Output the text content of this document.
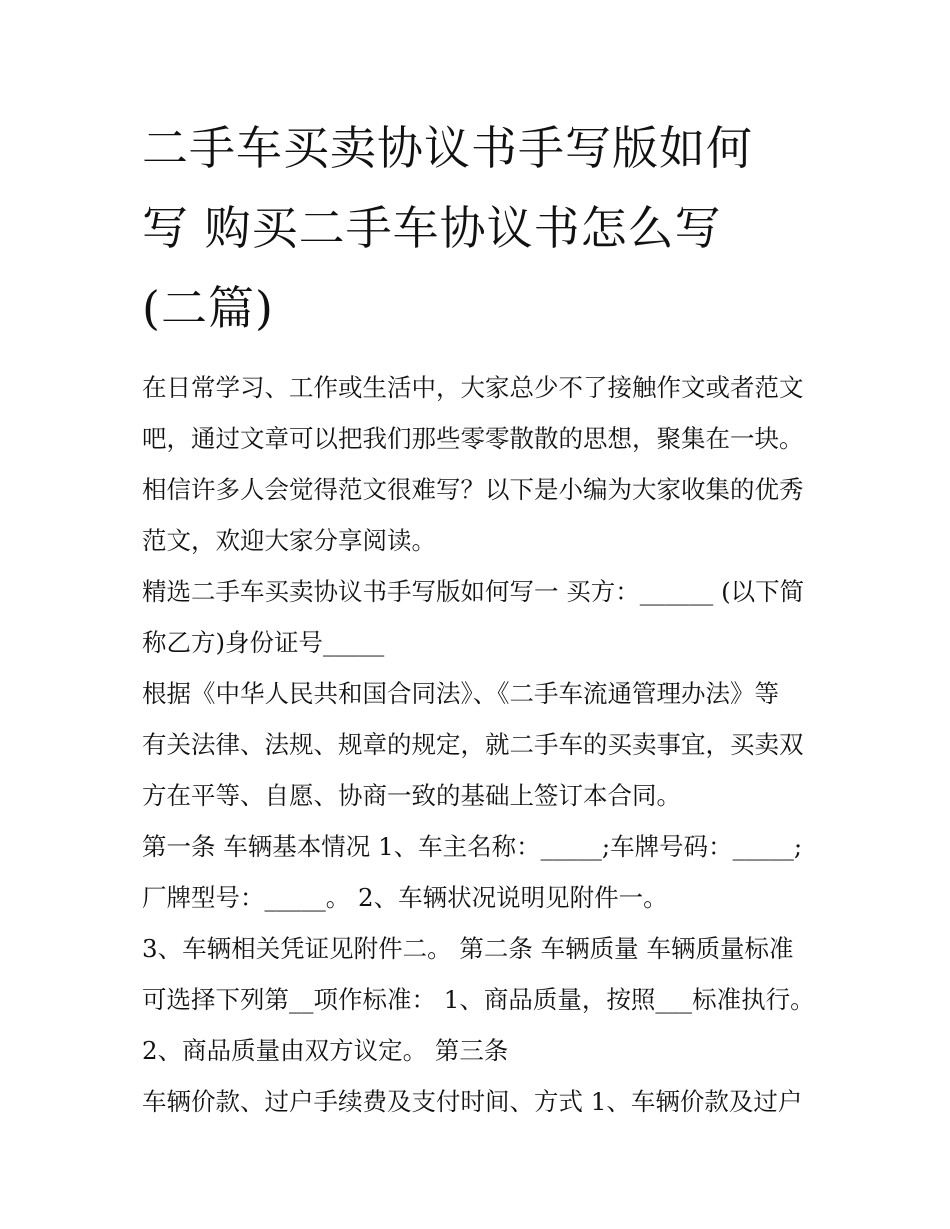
二手车买卖协议书手写版如何
写 购买二手车协议书怎么写
(二篇)

在日常学习、工作或生活中，大家总少不了接触作文或者范文

吧，通过文章可以把我们那些零零散散的思想，聚集在一块。

相信许多人会觉得范文很难写？以下是小编为大家收集的优秀

范文，欢迎大家分享阅读。

精选二手车买卖协议书手写版如何写一 买方：______ (以下简

称乙方)身份证号_____

根据《中华人民共和国合同法》、《二手车流通管理办法》等

有关法律、法规、规章的规定，就二手车的买卖事宜，买卖双

方在平等、自愿、协商一致的基础上签订本合同。

第一条 车辆基本情况 1、车主名称：_____;车牌号码：_____;

厂牌型号：_____。 2、车辆状况说明见附件一。

3、车辆相关凭证见附件二。 第二条 车辆质量 车辆质量标准

可选择下列第__项作标准： 1、商品质量，按照___标准执行。

2、商品质量由双方议定。 第三条

车辆价款、过户手续费及支付时间、方式 1、车辆价款及过户
